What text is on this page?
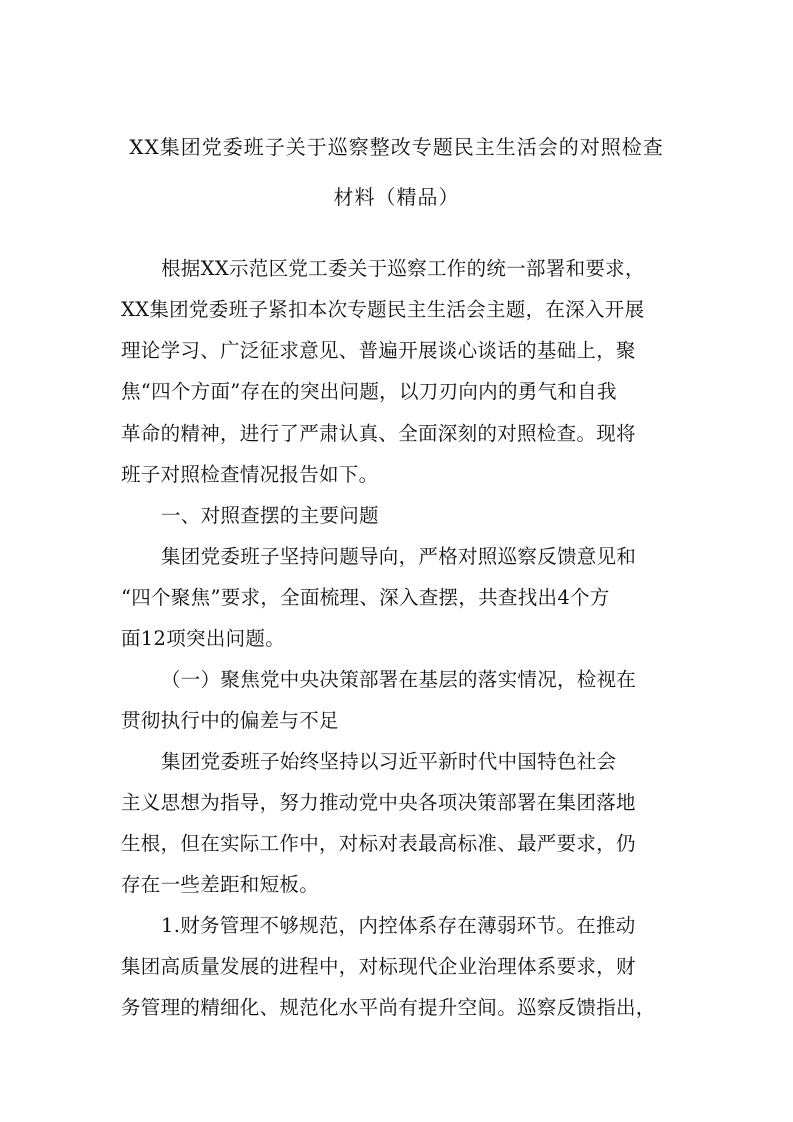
XX集团党委班子关于巡察整改专题民主生活会的对照检查
材料（精品）
根据XX示范区党工委关于巡察工作的统一部署和要求，
XX集团党委班子紧扣本次专题民主生活会主题，在深入开展
理论学习、广泛征求意见、普遍开展谈心谈话的基础上，聚
焦“四个方面”存在的突出问题，以刀刃向内的勇气和自我
革命的精神，进行了严肃认真、全面深刻的对照检查。现将
班子对照检查情况报告如下。
一、对照查摆的主要问题
集团党委班子坚持问题导向，严格对照巡察反馈意见和
“四个聚焦”要求，全面梳理、深入查摆，共查找出4个方
面12项突出问题。
（一）聚焦党中央决策部署在基层的落实情况，检视在
贯彻执行中的偏差与不足
集团党委班子始终坚持以习近平新时代中国特色社会
主义思想为指导，努力推动党中央各项决策部署在集团落地
生根，但在实际工作中，对标对表最高标准、最严要求，仍
存在一些差距和短板。
1.财务管理不够规范，内控体系存在薄弱环节。在推动
集团高质量发展的进程中，对标现代企业治理体系要求，财
务管理的精细化、规范化水平尚有提升空间。巡察反馈指出，
